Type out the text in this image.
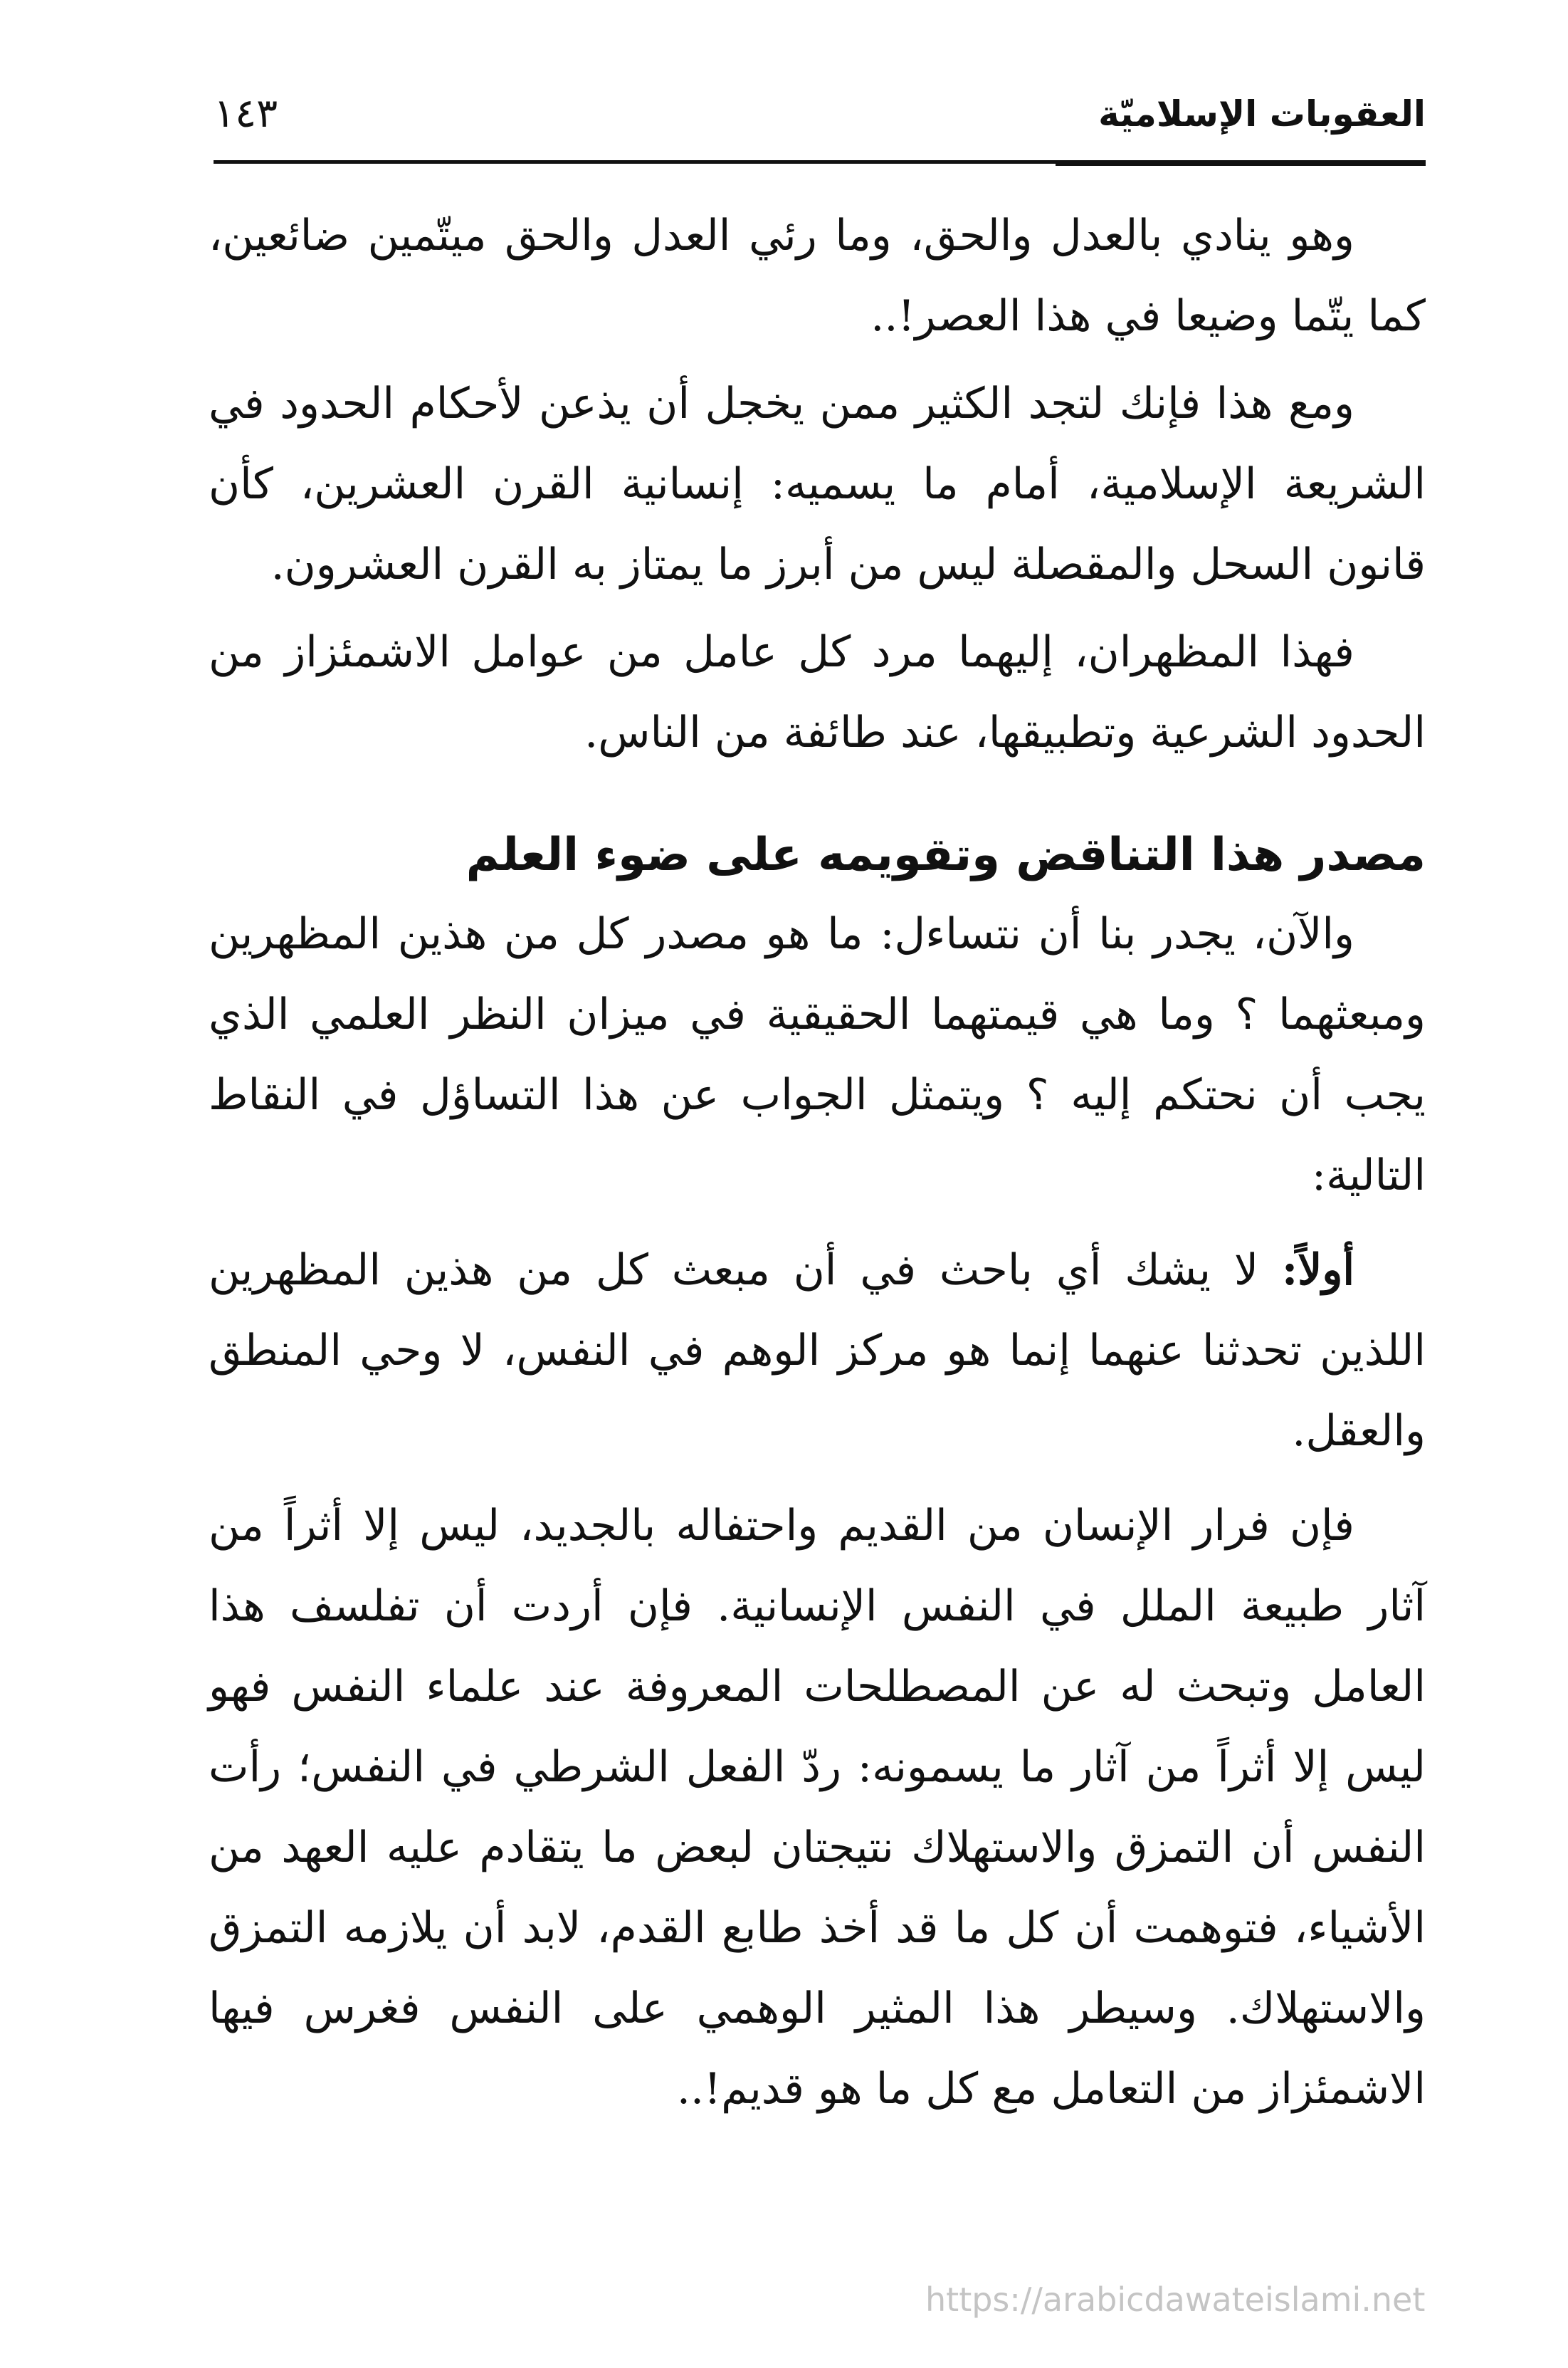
العقوبات الإسلاميّة
١٤٣

وهو ينادي بالعدل والحق، وما رئي العدل والحق ميتّمين ضائعين، كما يتّما وضيعا في هذا العصر!..

ومع هذا فإنك لتجد الكثير ممن يخجل أن يذعن لأحكام الحدود في الشريعة الإسلامية، أمام ما يسميه: إنسانية القرن العشرين، كأن قانون السحل والمقصلة ليس من أبرز ما يمتاز به القرن العشرون.

فهذا المظهران، إليهما مرد كل عامل من عوامل الاشمئزاز من الحدود الشرعية وتطبيقها، عند طائفة من الناس.

مصدر هذا التناقض وتقويمه على ضوء العلم

والآن، يجدر بنا أن نتساءل: ما هو مصدر كل من هذين المظهرين ومبعثهما ؟ وما هي قيمتهما الحقيقية في ميزان النظر العلمي الذي يجب أن نحتكم إليه ؟ ويتمثل الجواب عن هذا التساؤل في النقاط التالية:

أولاً: لا يشك أي باحث في أن مبعث كل من هذين المظهرين اللذين تحدثنا عنهما إنما هو مركز الوهم في النفس، لا وحي المنطق والعقل.

فإن فرار الإنسان من القديم واحتفاله بالجديد، ليس إلا أثراً من آثار طبيعة الملل في النفس الإنسانية. فإن أردت أن تفلسف هذا العامل وتبحث له عن المصطلحات المعروفة عند علماء النفس فهو ليس إلا أثراً من آثار ما يسمونه: ردّ الفعل الشرطي في النفس؛ رأت النفس أن التمزق والاستهلاك نتيجتان لبعض ما يتقادم عليه العهد من الأشياء، فتوهمت أن كل ما قد أخذ طابع القدم، لابد أن يلازمه التمزق والاستهلاك. وسيطر هذا المثير الوهمي على النفس فغرس فيها الاشمئزاز من التعامل مع كل ما هو قديم!..

https://arabicdawateislami.net
